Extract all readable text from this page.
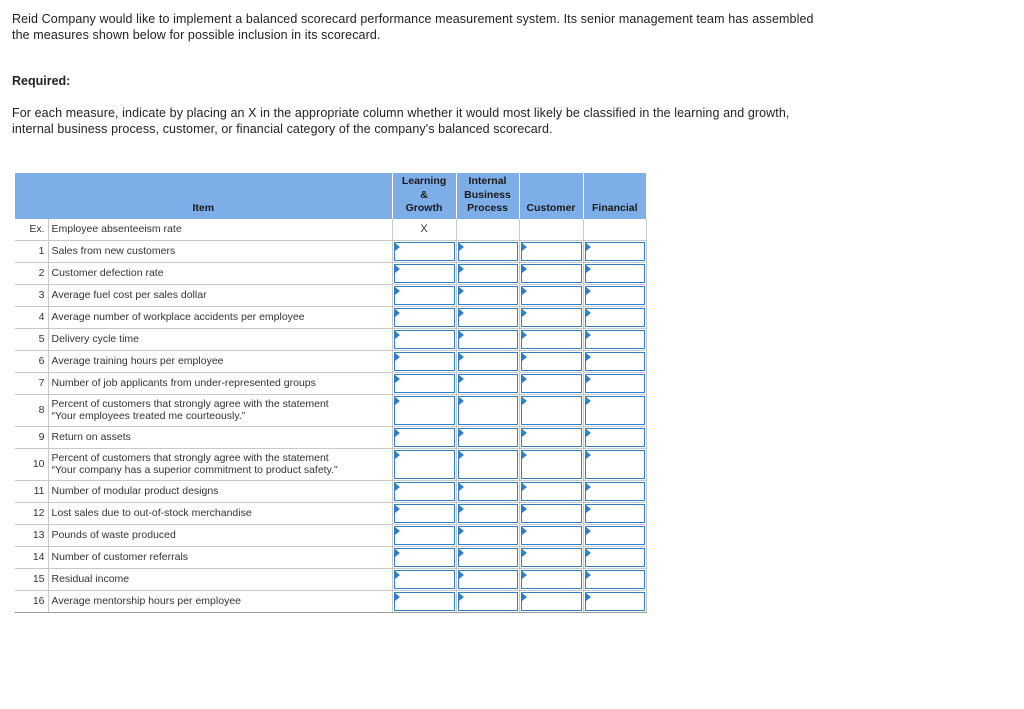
Reid Company would like to implement a balanced scorecard performance measurement system. Its senior management team has assembled the measures shown below for possible inclusion in its scorecard.
Required:
For each measure, indicate by placing an X in the appropriate column whether it would most likely be classified in the learning and growth, internal business process, customer, or financial category of the company's balanced scorecard.
Item		Learning
&
Growth	Internal
Business
Process	Customer	Financial
Ex.	Employee absenteeism rate	X			
1	Sales from new customers				

2	Customer defection rate				

3	Average fuel cost per sales dollar				

4	Average number of workplace accidents per employee				

5	Delivery cycle time				

6	Average training hours per employee				

7	Number of job applicants from under-represented groups				

8	Percent of customers that strongly agree with the statement
“Your employees treated me courteously.”				

9	Return on assets				

10	Percent of customers that strongly agree with the statement
“Your company has a superior commitment to product safety.”				

11	Number of modular product designs				

12	Lost sales due to out-of-stock merchandise				

13	Pounds of waste produced				

14	Number of customer referrals				

15	Residual income				

16	Average mentorship hours per employee				
